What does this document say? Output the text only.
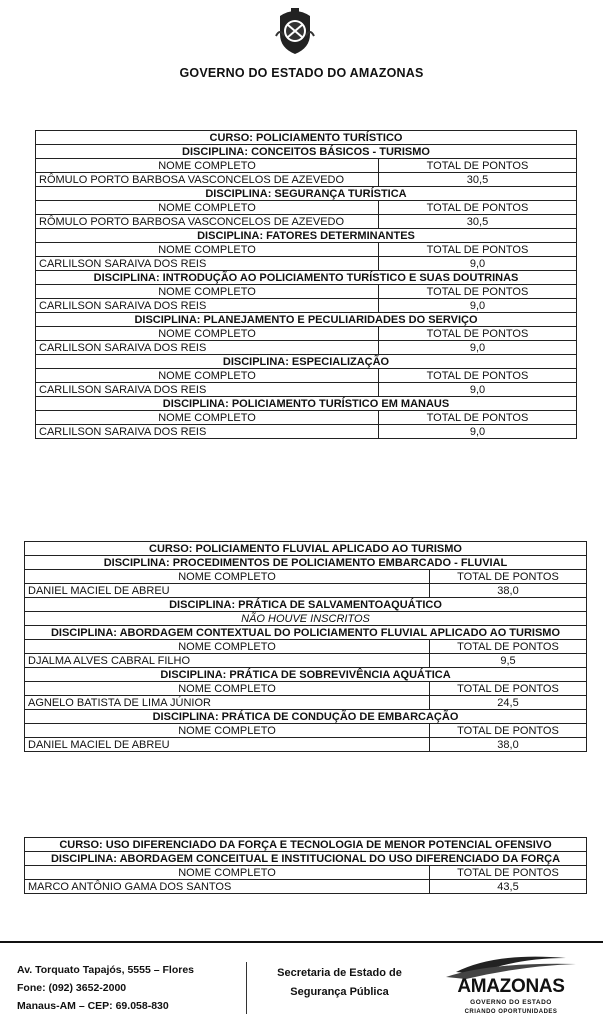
GOVERNO DO ESTADO DO AMAZONAS
CURSO: POLICIAMENTO TURÍSTICO	
DISCIPLINA: CONCEITOS BÁSICOS - TURISMO	
NOME COMPLETO	TOTAL DE PONTOS
RÔMULO PORTO BARBOSA VASCONCELOS DE AZEVEDO	30,5
DISCIPLINA: SEGURANÇA TURÍSTICA	
NOME COMPLETO	TOTAL DE PONTOS
RÔMULO PORTO BARBOSA VASCONCELOS DE AZEVEDO	30,5
DISCIPLINA: FATORES DETERMINANTES	
NOME COMPLETO	TOTAL DE PONTOS
CARLILSON SARAIVA DOS REIS	9,0
DISCIPLINA: INTRODUÇÃO AO POLICIAMENTO TURÍSTICO E SUAS DOUTRINAS	
NOME COMPLETO	TOTAL DE PONTOS
CARLILSON SARAIVA DOS REIS	9,0
DISCIPLINA: PLANEJAMENTO E PECULIARIDADES DO SERVIÇO	
NOME COMPLETO	TOTAL DE PONTOS
CARLILSON SARAIVA DOS REIS	9,0
DISCIPLINA: ESPECIALIZAÇÃO	
NOME COMPLETO	TOTAL DE PONTOS
CARLILSON SARAIVA DOS REIS	9,0
DISCIPLINA: POLICIAMENTO TURÍSTICO EM MANAUS	
NOME COMPLETO	TOTAL DE PONTOS
CARLILSON SARAIVA DOS REIS	9,0
CURSO: POLICIAMENTO FLUVIAL APLICADO AO TURISMO	
DISCIPLINA: PROCEDIMENTOS DE POLICIAMENTO EMBARCADO - FLUVIAL	
NOME COMPLETO	TOTAL DE PONTOS
DANIEL MACIEL DE ABREU	38,0
DISCIPLINA: PRÁTICA DE SALVAMENTOAQUÁTICO	
NÃO HOUVE INSCRITOS	
DISCIPLINA: ABORDAGEM CONTEXTUAL DO POLICIAMENTO FLUVIAL APLICADO AO TURISMO	
NOME COMPLETO	TOTAL DE PONTOS
DJALMA ALVES CABRAL FILHO	9,5
DISCIPLINA: PRÁTICA DE SOBREVIVÊNCIA AQUÁTICA	
NOME COMPLETO	TOTAL DE PONTOS
AGNELO BATISTA DE LIMA JÚNIOR	24,5
DISCIPLINA: PRÁTICA DE CONDUÇÃO DE EMBARCAÇÃO	
NOME COMPLETO	TOTAL DE PONTOS
DANIEL MACIEL DE ABREU	38,0
CURSO: USO DIFERENCIADO DA FORÇA E TECNOLOGIA DE MENOR POTENCIAL OFENSIVO	
DISCIPLINA: ABORDAGEM CONCEITUAL E INSTITUCIONAL DO USO DIFERENCIADO DA FORÇA	
NOME COMPLETO	TOTAL DE PONTOS
MARCO ANTÔNIO GAMA DOS SANTOS	43,5
Av. Torquato Tapajós, 5555 – Flores
Fone: (092) 3652-2000
Manaus-AM – CEP: 69.058-830
Secretaria de Estado de
Segurança Pública	AMAZONAS
GOVERNO DO ESTADO
CRIANDO OPORTUNIDADES
